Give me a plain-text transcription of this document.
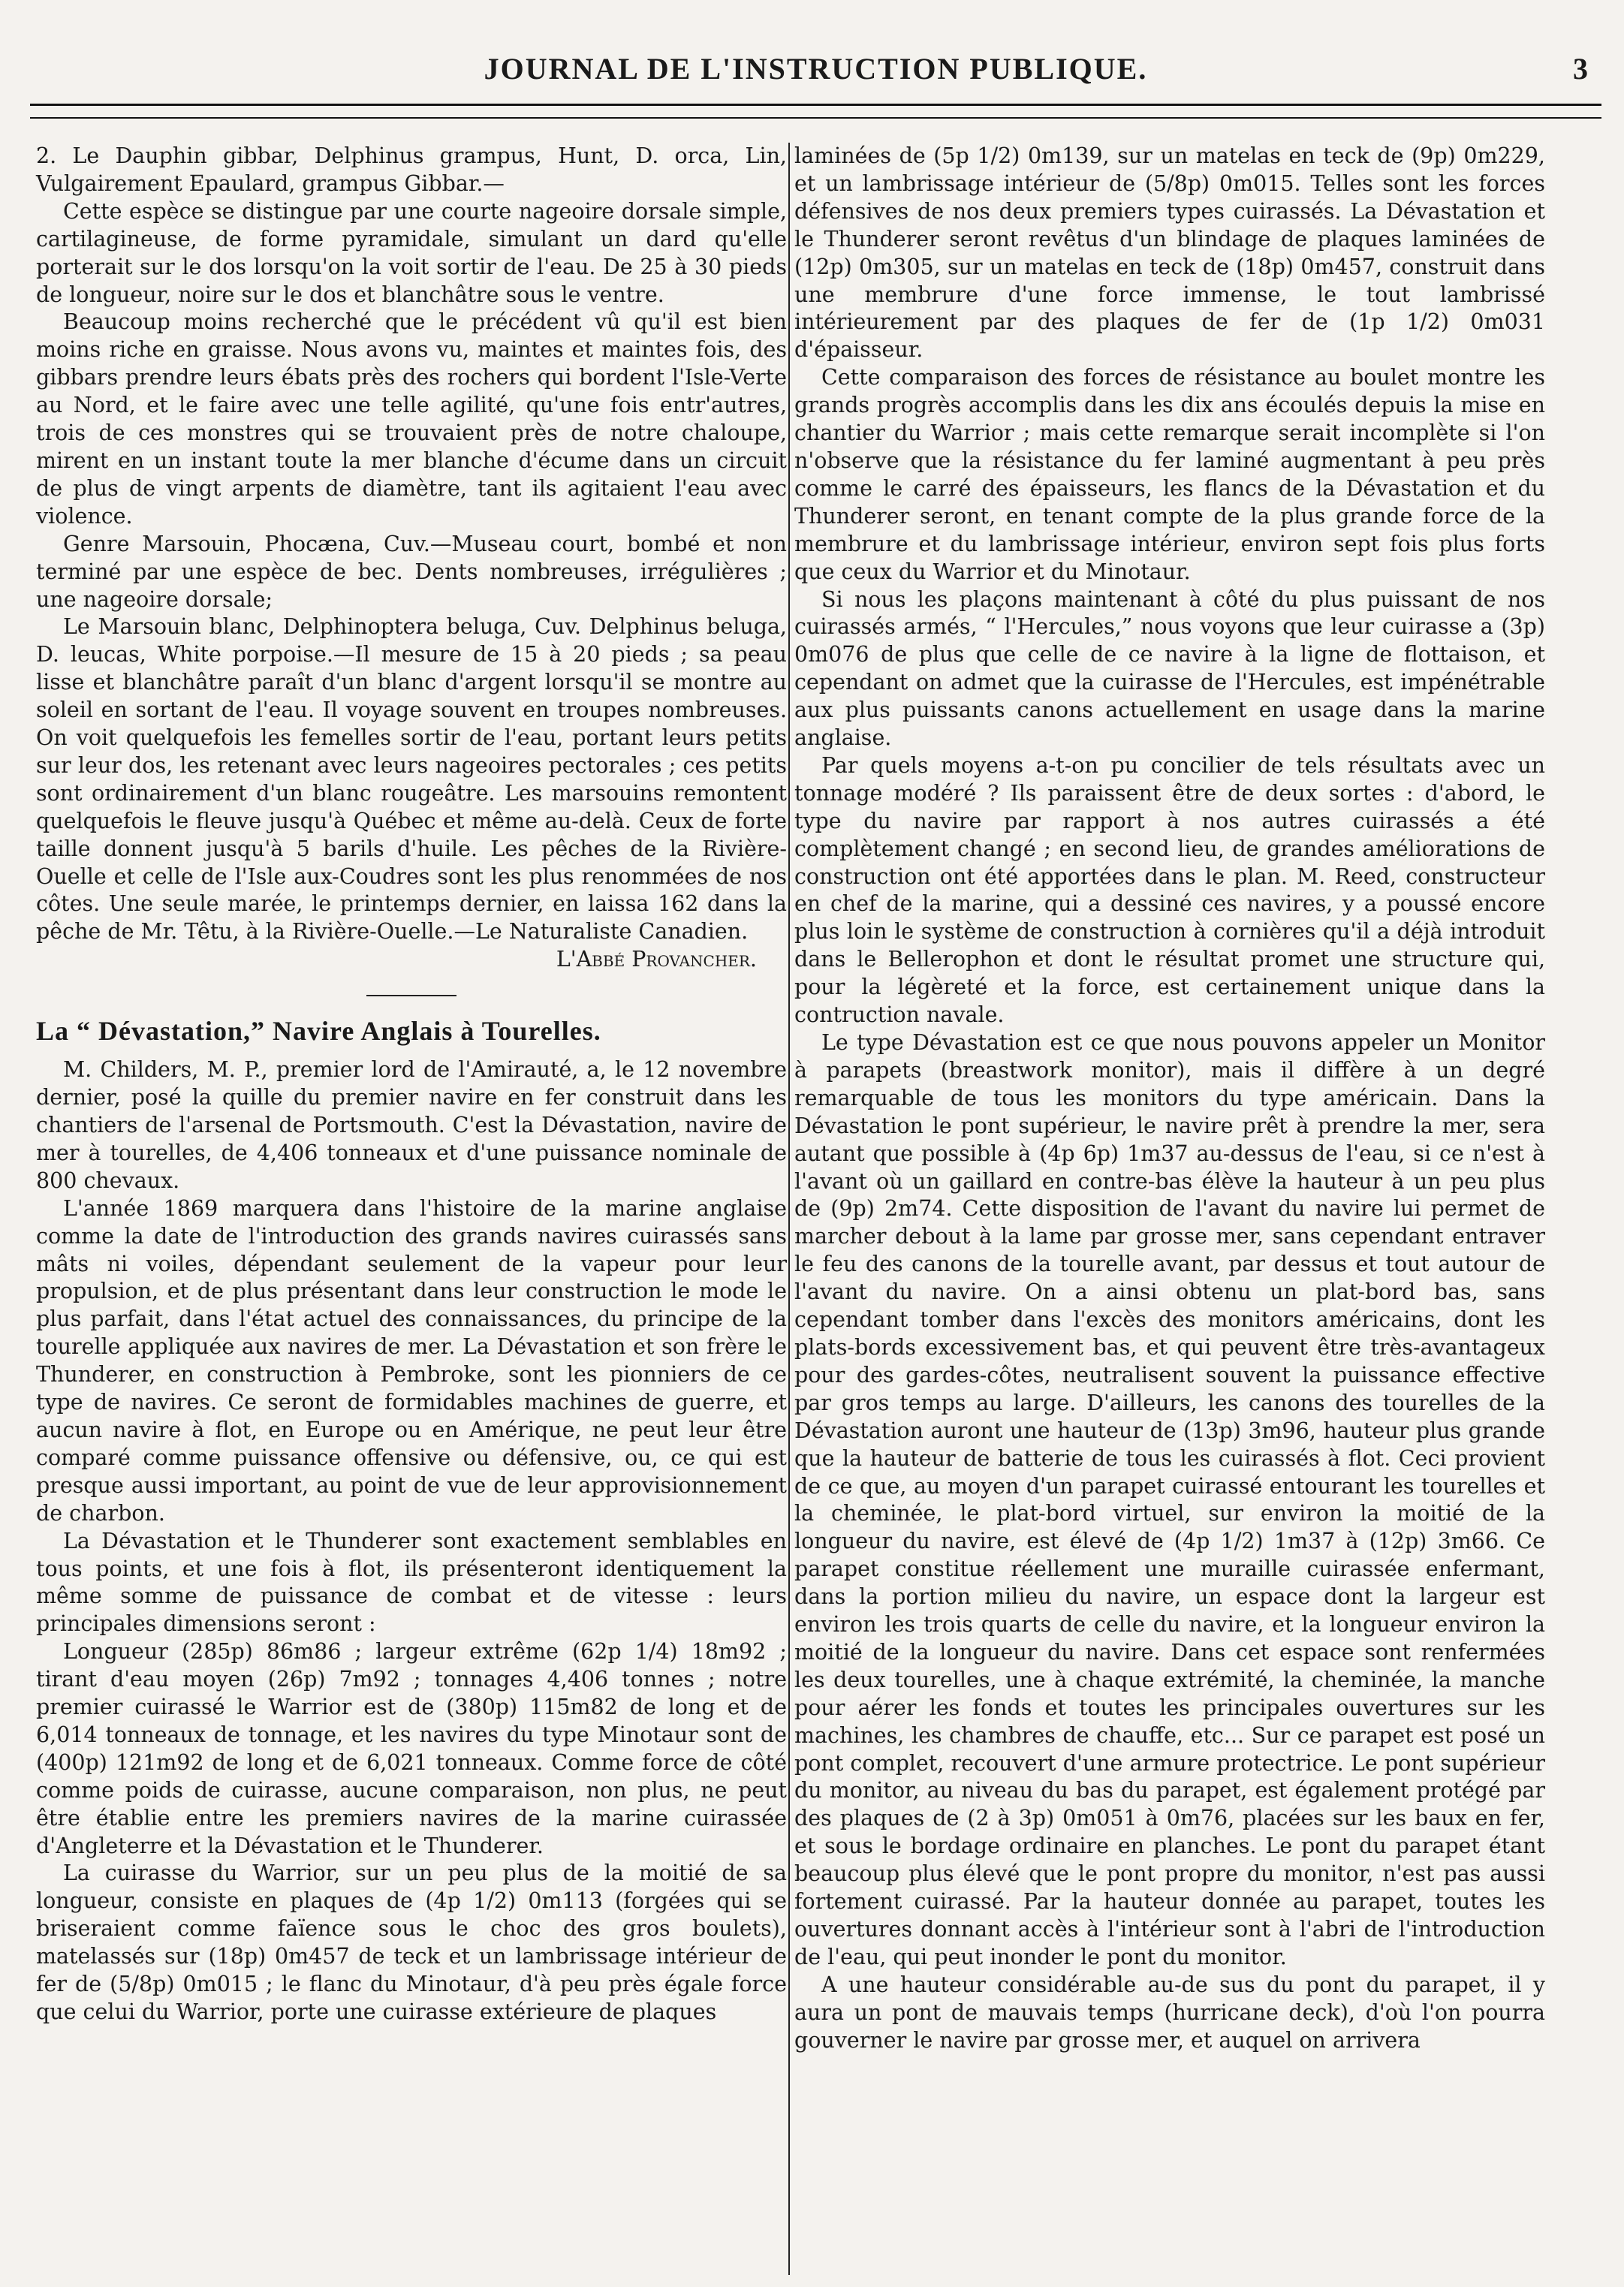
JOURNAL DE L'INSTRUCTION PUBLIQUE.	3

2. Le Dauphin gibbar, Delphinus grampus, Hunt, D. orca, Lin, Vulgairement Epaulard, grampus Gibbar.—

Cette espèce se distingue par une courte nageoire dorsale simple, cartilagineuse, de forme pyramidale, simulant un dard qu'elle porterait sur le dos lorsqu'on la voit sortir de l'eau. De 25 à 30 pieds de longueur, noire sur le dos et blanchâtre sous le ventre.

Beaucoup moins recherché que le précédent vû qu'il est bien moins riche en graisse. Nous avons vu, maintes et maintes fois, des gibbars prendre leurs ébats près des rochers qui bordent l'Isle-Verte au Nord, et le faire avec une telle agilité, qu'une fois entr'autres, trois de ces monstres qui se trouvaient près de notre chaloupe, mirent en un instant toute la mer blanche d'écume dans un circuit de plus de vingt arpents de diamètre, tant ils agitaient l'eau avec violence.

Genre Marsouin, Phocæna, Cuv.—Museau court, bombé et non terminé par une espèce de bec. Dents nombreuses, irrégulières ; une nageoire dorsale;

Le Marsouin blanc, Delphinoptera beluga, Cuv. Delphinus beluga, D. leucas, White porpoise.—Il mesure de 15 à 20 pieds ; sa peau lisse et blanchâtre paraît d'un blanc d'argent lorsqu'il se montre au soleil en sortant de l'eau. Il voyage souvent en troupes nombreuses. On voit quelquefois les femelles sortir de l'eau, portant leurs petits sur leur dos, les retenant avec leurs nageoires pectorales ; ces petits sont ordinairement d'un blanc rougeâtre. Les marsouins remontent quelquefois le fleuve jusqu'à Québec et même au-delà. Ceux de forte taille donnent jusqu'à 5 barils d'huile. Les pêches de la Rivière-Ouelle et celle de l'Isle aux-Coudres sont les plus renommées de nos côtes. Une seule marée, le printemps dernier, en laissa 162 dans la pêche de Mr. Têtu, à la Rivière-Ouelle.—Le Naturaliste Canadien.

L'Abbé Provancher.

La “ Dévastation,” Navire Anglais à Tourelles.

M. Childers, M. P., premier lord de l'Amirauté, a, le 12 novembre dernier, posé la quille du premier navire en fer construit dans les chantiers de l'arsenal de Portsmouth. C'est la Dévastation, navire de mer à tourelles, de 4,406 tonneaux et d'une puissance nominale de 800 chevaux.

L'année 1869 marquera dans l'histoire de la marine anglaise comme la date de l'introduction des grands navires cuirassés sans mâts ni voiles, dépendant seulement de la vapeur pour leur propulsion, et de plus présentant dans leur construction le mode le plus parfait, dans l'état actuel des connaissances, du principe de la tourelle appliquée aux navires de mer. La Dévastation et son frère le Thunderer, en construction à Pembroke, sont les pionniers de ce type de navires. Ce seront de formidables machines de guerre, et aucun navire à flot, en Europe ou en Amérique, ne peut leur être comparé comme puissance offensive ou défensive, ou, ce qui est presque aussi important, au point de vue de leur approvisionnement de charbon.

La Dévastation et le Thunderer sont exactement semblables en tous points, et une fois à flot, ils présenteront identiquement la même somme de puissance de combat et de vitesse : leurs principales dimensions seront :

Longueur (285p) 86m86 ; largeur extrême (62p 1/4) 18m92 ; tirant d'eau moyen (26p) 7m92 ; tonnages 4,406 tonnes ; notre premier cuirassé le Warrior est de (380p) 115m82 de long et de 6,014 tonneaux de tonnage, et les navires du type Minotaur sont de (400p) 121m92 de long et de 6,021 tonneaux. Comme force de côté comme poids de cuirasse, aucune comparaison, non plus, ne peut être établie entre les premiers navires de la marine cuirassée d'Angleterre et la Dévastation et le Thunderer.

La cuirasse du Warrior, sur un peu plus de la moitié de sa longueur, consiste en plaques de (4p 1/2) 0m113 (forgées qui se briseraient comme faïence sous le choc des gros boulets), matelassés sur (18p) 0m457 de teck et un lambrissage intérieur de fer de (5/8p) 0m015 ; le flanc du Minotaur, d'à peu près égale force que celui du Warrior, porte une cuirasse extérieure de plaques

laminées de (5p 1/2) 0m139, sur un matelas en teck de (9p) 0m229, et un lambrissage intérieur de (5/8p) 0m015. Telles sont les forces défensives de nos deux premiers types cuirassés. La Dévastation et le Thunderer seront revêtus d'un blindage de plaques laminées de (12p) 0m305, sur un matelas en teck de (18p) 0m457, construit dans une membrure d'une force immense, le tout lambrissé intérieurement par des plaques de fer de (1p 1/2) 0m031 d'épaisseur.

Cette comparaison des forces de résistance au boulet montre les grands progrès accomplis dans les dix ans écoulés depuis la mise en chantier du Warrior ; mais cette remarque serait incomplète si l'on n'observe que la résistance du fer laminé augmentant à peu près comme le carré des épaisseurs, les flancs de la Dévastation et du Thunderer seront, en tenant compte de la plus grande force de la membrure et du lambrissage intérieur, environ sept fois plus forts que ceux du Warrior et du Minotaur.

Si nous les plaçons maintenant à côté du plus puissant de nos cuirassés armés, “ l'Hercules,” nous voyons que leur cuirasse a (3p) 0m076 de plus que celle de ce navire à la ligne de flottaison, et cependant on admet que la cuirasse de l'Hercules, est impénétrable aux plus puissants canons actuellement en usage dans la marine anglaise.

Par quels moyens a-t-on pu concilier de tels résultats avec un tonnage modéré ? Ils paraissent être de deux sortes : d'abord, le type du navire par rapport à nos autres cuirassés a été complètement changé ; en second lieu, de grandes améliorations de construction ont été apportées dans le plan. M. Reed, constructeur en chef de la marine, qui a dessiné ces navires, y a poussé encore plus loin le système de construction à cornières qu'il a déjà introduit dans le Bellerophon et dont le résultat promet une structure qui, pour la légèreté et la force, est certainement unique dans la contruction navale.

Le type Dévastation est ce que nous pouvons appeler un Monitor à parapets (breastwork monitor), mais il diffère à un degré remarquable de tous les monitors du type américain. Dans la Dévastation le pont supérieur, le navire prêt à prendre la mer, sera autant que possible à (4p 6p) 1m37 au-dessus de l'eau, si ce n'est à l'avant où un gaillard en contre-bas élève la hauteur à un peu plus de (9p) 2m74. Cette disposition de l'avant du navire lui permet de marcher debout à la lame par grosse mer, sans cependant entraver le feu des canons de la tourelle avant, par dessus et tout autour de l'avant du navire. On a ainsi obtenu un plat-bord bas, sans cependant tomber dans l'excès des monitors américains, dont les plats-bords excessivement bas, et qui peuvent être très-avantageux pour des gardes-côtes, neutralisent souvent la puissance effective par gros temps au large. D'ailleurs, les canons des tourelles de la Dévastation auront une hauteur de (13p) 3m96, hauteur plus grande que la hauteur de batterie de tous les cuirassés à flot. Ceci provient de ce que, au moyen d'un parapet cuirassé entourant les tourelles et la cheminée, le plat-bord virtuel, sur environ la moitié de la longueur du navire, est élevé de (4p 1/2) 1m37 à (12p) 3m66. Ce parapet constitue réellement une muraille cuirassée enfermant, dans la portion milieu du navire, un espace dont la largeur est environ les trois quarts de celle du navire, et la longueur environ la moitié de la longueur du navire. Dans cet espace sont renfermées les deux tourelles, une à chaque extrémité, la cheminée, la manche pour aérer les fonds et toutes les principales ouvertures sur les machines, les chambres de chauffe, etc... Sur ce parapet est posé un pont complet, recouvert d'une armure protectrice. Le pont supérieur du monitor, au niveau du bas du parapet, est également protégé par des plaques de (2 à 3p) 0m051 à 0m76, placées sur les baux en fer, et sous le bordage ordinaire en planches. Le pont du parapet étant beaucoup plus élevé que le pont propre du monitor, n'est pas aussi fortement cuirassé. Par la hauteur donnée au parapet, toutes les ouvertures donnant accès à l'intérieur sont à l'abri de l'introduction de l'eau, qui peut inonder le pont du monitor.

A une hauteur considérable au-de sus du pont du parapet, il y aura un pont de mauvais temps (hurricane deck), d'où l'on pourra gouverner le navire par grosse mer, et auquel on arrivera
